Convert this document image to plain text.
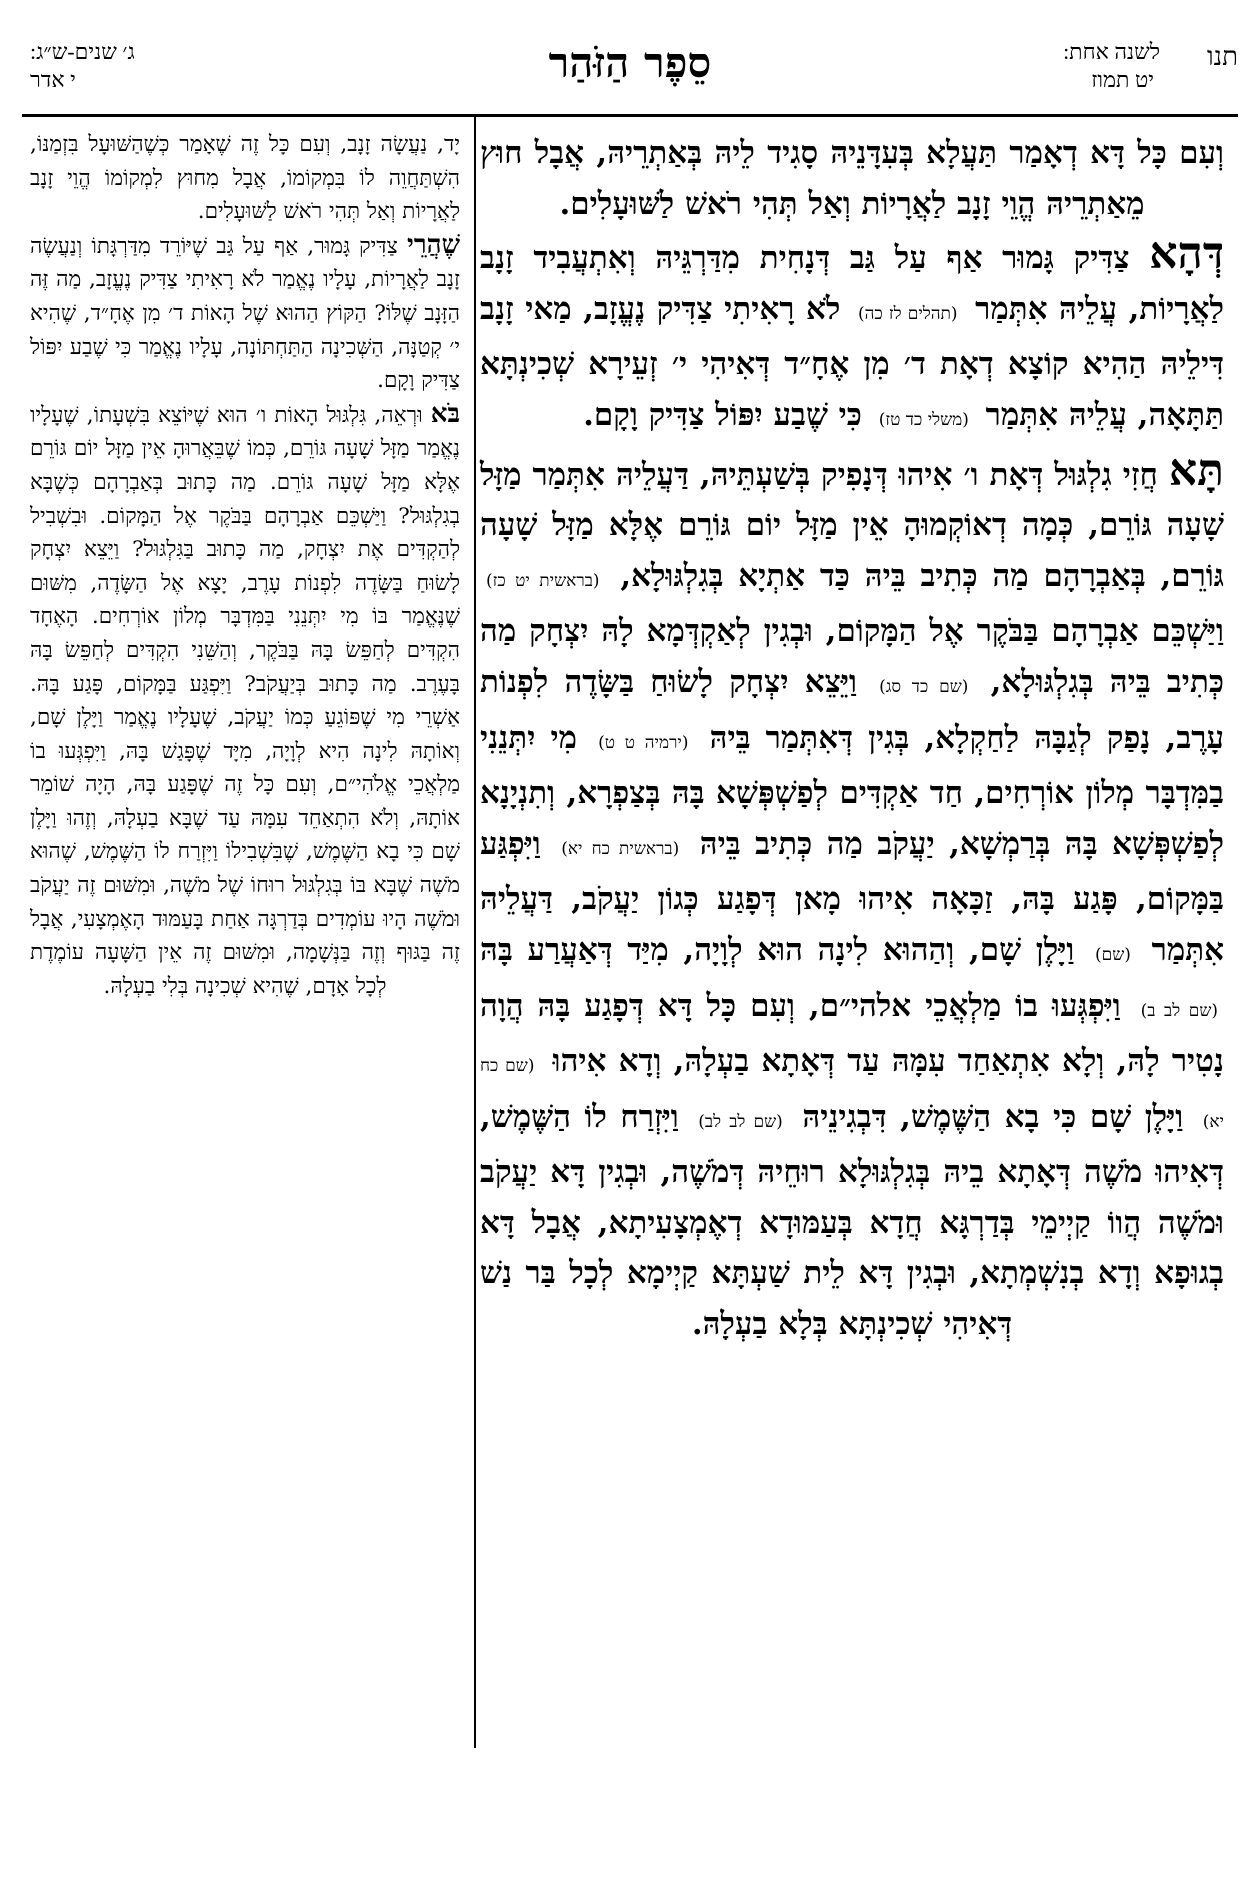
תנו
לשנה אחת:
יט תמוז
סֵפֶר הַזֹּהַר
ג׳ שנים-ש״ג:
י אדר

וְעִם כָּל דָּא דְאָמַר תַּעֲלָא בְּעִדָּנֵיהּ סָגִיד לֵיהּ בְּאַתְרֵיהּ, אֲבָל חוּץ מֵאַתְרֵיהּ הֱוֵי זָנָב לַאֲרָיוֹת וְאַל תְּהִי רֹאשׁ לַשּׁוּעָלִים.

דְּהָא צַדִּיק גָּמוּר אַף עַל גַּב דְּנָחִית מִדַּרְגֵּיהּ וְאִתְעֲבִיד זָנָב לַאֲרָיוֹת, עֲלֵיהּ אִתְּמַר (תהלים לז כה) לֹא רָאִיתִי צַדִּיק נֶעֱזָב, מַאי זָנָב דִּילֵיהּ הַהִיא קוֹצָא דְאָת ד׳ מִן אֶחָ״ד דְּאִיהִי י׳ זְעֵירָא שְׁכִינְתָּא תַּתָּאָה, עֲלֵיהּ אִתְּמַר (משלי כד טז) כִּי שֶׁבַע יִפּוֹל צַדִּיק וָקָם.

תָּא חֲזִי גִלְגּוּל דְּאָת ו׳ אִיהוּ דְּנָפִיק בְּשַׁעְתֵּיהּ, דַּעֲלֵיהּ אִתְּמַר מַזָּל שָׁעָה גּוֹרֵם, כְּמָה דְאוֹקְמוּהָ אֵין מַזָּל יוֹם גּוֹרֵם אֶלָּא מַזָּל שָׁעָה גּוֹרֵם, בְּאַבְרָהָם מַה כְּתִיב בֵּיהּ כַּד אַתְיָא בְּגִלְגּוּלָא, (בראשית יט כז) וַיַּשְׁכֵּם אַבְרָהָם בַּבֹּקֶר אֶל הַמָּקוֹם, וּבְגִין לְאַקְדְּמָא לָהּ יִצְחָק מַה כְּתִיב בֵּיהּ בְּגִלְגּוּלָא, (שם כד סג) וַיֵּצֵא יִצְחָק לָשׂוּחַ בַּשָּׂדֶה לִפְנוֹת עָרֶב, נָפַק לְגַבָּהּ לַחַקְלָא, בְּגִין דְּאִתְּמַר בֵּיהּ (ירמיה ט ט) מִי יִתְּנֵנִי בַמִּדְבָּר מְלוֹן אוֹרְחִים, חַד אַקְדִּים לְפַשְׁפְּשָׁא בָּהּ בְּצַפְרָא, וְתִנְיָנָא לְפַשְׁפְּשָׁא בָּהּ בְּרַמְשָׁא, יַעֲקֹב מַה כְּתִיב בֵּיהּ (בראשית כח יא) וַיִּפְגַּע בַּמָּקוֹם, פָּגַע בָּהּ, זַכָּאָה אִיהוּ מָאן דְּפָגַע כְּגוֹן יַעֲקֹב, דַּעֲלֵיהּ אִתְּמַר (שם) וַיָּלֶן שָׁם, וְהַהוּא לִינָה הוּא לְוָיָה, מִיַּד דְּאַעֲרַע בָּהּ (שם לב ב) וַיִּפְגְּעוּ בוֹ מַלְאֲכֵי אלהי״ם, וְעִם כָּל דָּא דְּפָגַע בָּהּ הֲוָה נָטִיר לָהּ, וְלָא אִתְאַחַד עִמָּהּ עַד דְּאָתָא בַעְלָהּ, וְדָא אִיהוּ (שם כח יא) וַיָּלֶן שָׁם כִּי בָא הַשֶּׁמֶשׁ, דִּבְגִינֵיהּ (שם לב לב) וַיִּזְרַח לוֹ הַשֶּׁמֶשׁ, דְּאִיהוּ מֹשֶׁה דְּאָתָא בֵיהּ בְּגִלְגּוּלָא רוּחֵיהּ דְּמֹשֶׁה, וּבְגִין דָּא יַעֲקֹב וּמֹשֶׁה הֲווֹ קַיְימֵי בְּדַרְגָּא חֲדָא בְּעַמּוּדָא דְאֶמְצָעִיתָא, אֲבָל דָּא בְגוּפָא וְדָא בְנִשְׁמְתָא, וּבְגִין דָּא לֵית שַׁעְתָּא קַיְימָא לְכָל בַּר נַשׁ דְּאִיהִי שְׁכִינְתָּא בְּלָא בַעְלָהּ.

יָד, נַעֲשָׂה זָנָב, וְעִם כָּל זֶה שֶׁאָמַר כְּשֶׁהַשּׁוּעָל בִּזְמַנּוֹ, הִשְׁתַּחֲוֵה לוֹ בִּמְקוֹמוֹ, אֲבָל מִחוּץ לִמְקוֹמוֹ הֱוֵי זָנָב לַאֲרָיוֹת וְאַל תְּהִי רֹאשׁ לַשּׁוּעָלִים.

שֶׁהֲרֵי צַדִּיק גָּמוּר, אַף עַל גַּב שֶׁיּוֹרֵד מִדַּרְגָּתוֹ וְנַעֲשֶׂה זָנָב לַאֲרָיוֹת, עָלָיו נֶאֱמַר לֹא רָאִיתִי צַדִּיק נֶעֱזָב, מַה זֶּה הַזָּנָב שֶׁלּוֹ? הַקּוֹץ הַהוּא שֶׁל הָאוֹת ד׳ מִן אֶחָ״ד, שֶׁהִיא י׳ קְטַנָּה, הַשְּׁכִינָה הַתַּחְתּוֹנָה, עָלָיו נֶאֱמַר כִּי שֶׁבַע יִפּוֹל צַדִּיק וָקָם.

בֹּא וּרְאֵה, גִּלְגּוּל הָאוֹת ו׳ הוּא שֶׁיּוֹצֵא בִּשְׁעָתוֹ, שֶׁעָלָיו נֶאֱמַר מַזָּל שָׁעָה גּוֹרֵם, כְּמוֹ שֶׁבֵּאֲרוּהָ אֵין מַזָּל יוֹם גּוֹרֵם אֶלָּא מַזָּל שָׁעָה גּוֹרֵם. מַה כָּתוּב בְּאַבְרָהָם כְּשֶׁבָּא בְגִלְגּוּל? וַיַּשְׁכֵּם אַבְרָהָם בַּבֹּקֶר אֶל הַמָּקוֹם. וּבִשְׁבִיל לְהַקְדִּים אֶת יִצְחָק, מַה כָּתוּב בַּגִּלְגּוּל? וַיֵּצֵא יִצְחָק לָשׂוּחַ בַּשָּׂדֶה לִפְנוֹת עָרֶב, יָצָא אֶל הַשָּׂדֶה, מִשּׁוּם שֶׁנֶּאֱמַר בּוֹ מִי יִתְּנֵנִי בַּמִּדְבָּר מְלוֹן אוֹרְחִים. הָאֶחָד הִקְדִּים לְחַפֵּשׂ בָּהּ בַּבֹּקֶר, וְהַשֵּׁנִי הִקְדִּים לְחַפֵּשׂ בָּהּ בָּעֶרֶב. מַה כָּתוּב בְּיַעֲקֹב? וַיִּפְגַּע בַּמָּקוֹם, פָּגַע בָּהּ. אַשְׁרֵי מִי שֶׁפּוֹגֵעַ כְּמוֹ יַעֲקֹב, שֶׁעָלָיו נֶאֱמַר וַיָּלֶן שָׁם, וְאוֹתָהּ לִינָה הִיא לְוָיָה, מִיָּד שֶׁפָּגַשׁ בָּהּ, וַיִּפְגְּעוּ בוֹ מַלְאֲכֵי אֱלֹהִי״ם, וְעִם כָּל זֶה שֶׁפָּגַע בָּהּ, הָיָה שׁוֹמֵר אוֹתָהּ, וְלֹא הִתְאַחֵד עִמָּהּ עַד שֶׁבָּא בַעְלָהּ, וְזֶהוּ וַיָּלֶן שָׁם כִּי בָא הַשֶּׁמֶשׁ, שֶׁבִּשְׁבִילוֹ וַיִּזְרַח לוֹ הַשֶּׁמֶשׁ, שֶׁהוּא מֹשֶׁה שֶׁבָּא בּוֹ בְּגִלְגּוּל רוּחוֹ שֶׁל מֹשֶׁה, וּמִשּׁוּם זֶה יַעֲקֹב וּמֹשֶׁה הָיוּ עוֹמְדִים בְּדַרְגָּה אַחַת בָּעַמּוּד הָאֶמְצָעִי, אֲבָל זֶה בַּגּוּף וְזֶה בַּנְּשָׁמָה, וּמִשּׁוּם זֶה אֵין הַשָּׁעָה עוֹמֶדֶת לְכָל אָדָם, שֶׁהִיא שְׁכִינָה בְּלִי בַעְלָהּ.
